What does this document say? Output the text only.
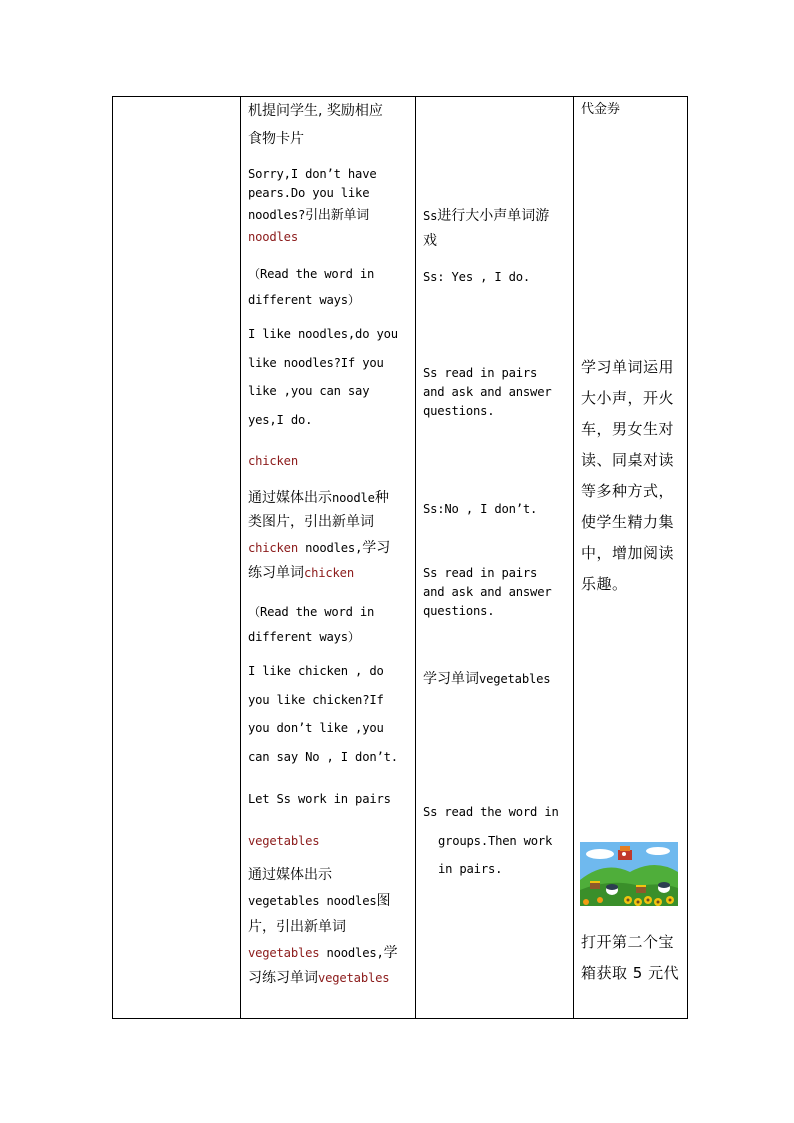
机提问学生, 奖励相应

食物卡片

Sorry,I don’t have

pears.Do you like

noodles?引出新单词

noodles

（Read the word in

different ways）

I like noodles,do you

like noodles?If you

like ,you can say

yes,I do.

chicken

通过媒体出示noodle种

类图片，引出新单词

chicken noodles,学习

练习单词chicken

（Read the word in

different ways）

I like chicken , do

you like chicken?If

you don’t like ,you

can say No , I don’t.

Let Ss work in pairs

vegetables

通过媒体出示

vegetables noodles图

片，引出新单词

vegetables noodles,学

习练习单词vegetables

Ss进行大小声单词游

戏

Ss: Yes , I do.

Ss read in pairs

and ask and answer

questions.

Ss:No , I don’t.

Ss read in pairs

and ask and answer

questions.

学习单词vegetables

Ss read the word in

groups.Then work

in pairs.

代金券

学习单词运用

大小声，开火

车，男女生对

读、同桌对读

等多种方式，

使学生精力集

中，增加阅读

乐趣。

打开第二个宝

箱获取 5 元代
